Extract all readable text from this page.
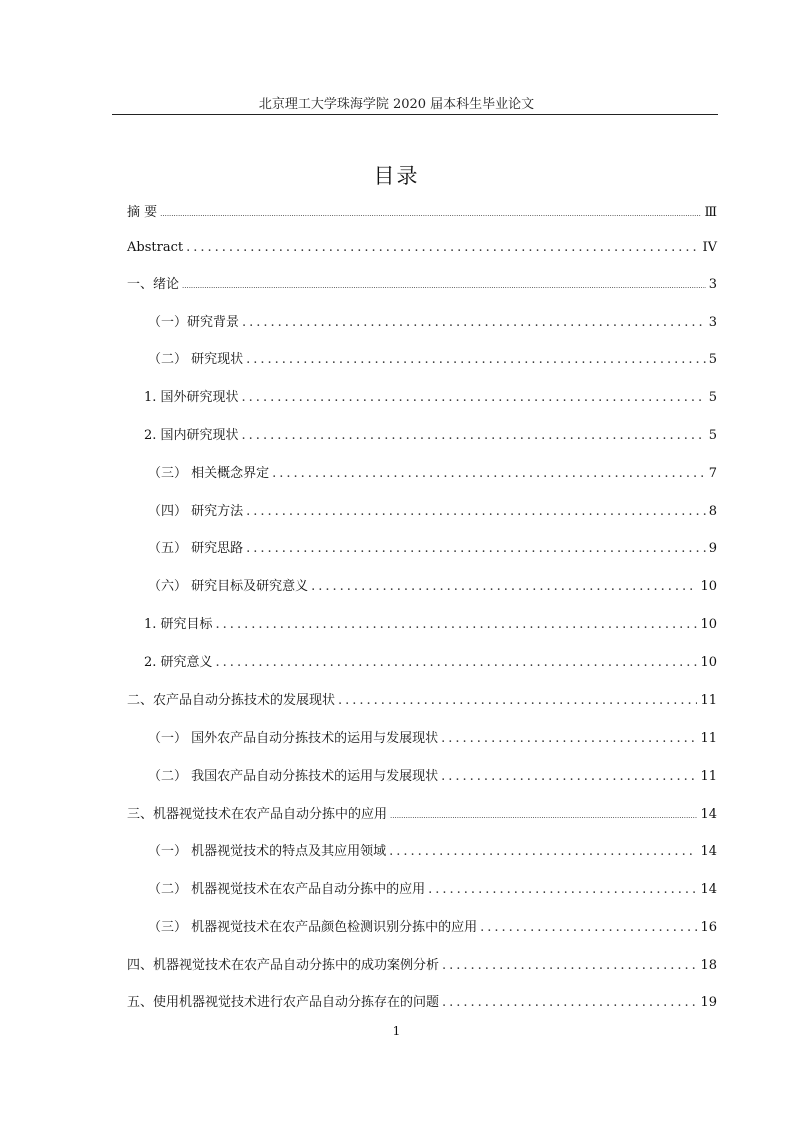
北京理工大学珠海学院 2020 届本科生毕业论文
目录
摘 要 .....	Ⅲ
Abstract .....	IV
一、绪论 .....	3
（一）研究背景 .....	3
（二） 研究现状 .....	5
1. 国外研究现状 .....	5
2. 国内研究现状 .....	5
（三） 相关概念界定 .....	7
（四） 研究方法 .....	8
（五） 研究思路 .....	9
（六） 研究目标及研究意义 .....	10
1. 研究目标 .....	10
2. 研究意义 .....	10
二、农产品自动分拣技术的发展现状 .....	11
（一） 国外农产品自动分拣技术的运用与发展现状 .....	11
（二） 我国农产品自动分拣技术的运用与发展现状 .....	11
三、机器视觉技术在农产品自动分拣中的应用 .....	14
（一） 机器视觉技术的特点及其应用领域 .....	14
（二） 机器视觉技术在农产品自动分拣中的应用 .....	14
（三） 机器视觉技术在农产品颜色检测识别分拣中的应用 .....	16
四、机器视觉技术在农产品自动分拣中的成功案例分析 .....	18
五、使用机器视觉技术进行农产品自动分拣存在的问题 .....	19
1
